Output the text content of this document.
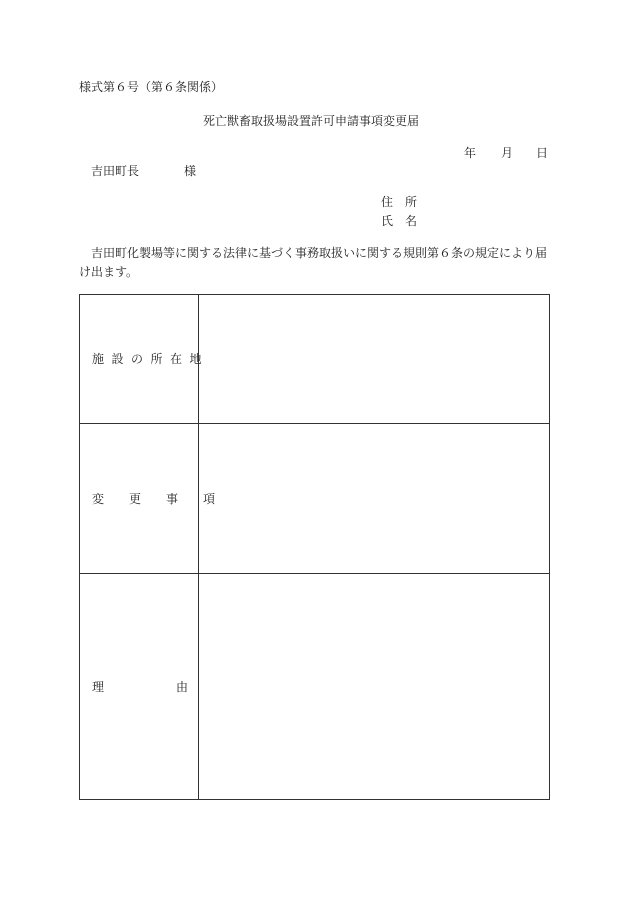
様式第６号（第６条関係）
死亡獣畜取扱場設置許可申請事項変更届
年 月 日
吉田町長	様
住所
氏名
吉田町化製場等に関する法律に基づく事務取扱いに関する規則第６条の規定により届け出ます。
施設の所在地
変更事項
理	由
